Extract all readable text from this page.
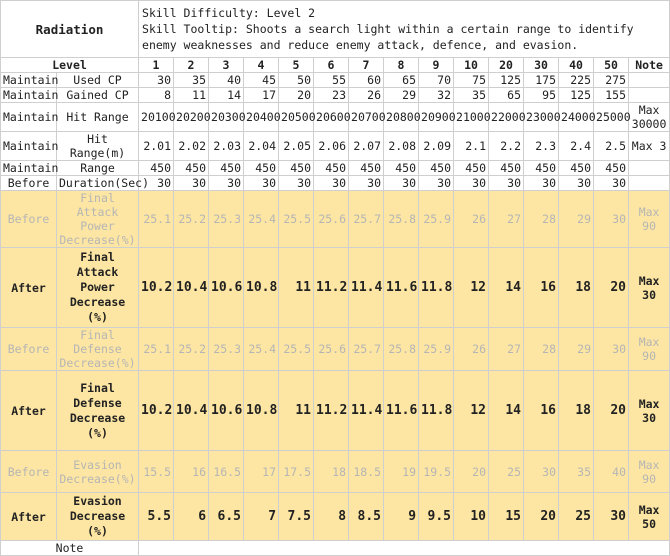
Radiation		Skill Difficulty: Level 2
Skill Tooltip: Shoots a search light within a certain range to identify enemy weaknesses and reduce enemy attack, defence, and evasion.														

Level		1	2	3	4	5	6	7	8	9	10	20	30	40	50	Note
Maintain	Used CP	30	35	40	45	50	55	60	65	70	75	125	175	225	275	
Maintain	Gained CP	8	11	14	17	20	23	26	29	32	35	65	95	125	155	
Maintain	Hit Range	20100	20200	20300	20400	20500	20600	20700	20800	20900	21000	22000	23000	24000	25000	Max 30000
Maintain	Hit Range(m)	2.01	2.02	2.03	2.04	2.05	2.06	2.07	2.08	2.09	2.1	2.2	2.3	2.4	2.5	Max 3
Maintain	Range	450	450	450	450	450	450	450	450	450	450	450	450	450	450	
Before	Duration(Sec)	30	30	30	30	30	30	30	30	30	30	30	30	30	30	
Before	Final Attack Power Decrease(%)	25.1	25.2	25.3	25.4	25.5	25.6	25.7	25.8	25.9	26	27	28	29	30	Max 90
After	Final Attack Power Decrease (%)	10.2	10.4	10.6	10.8	11	11.2	11.4	11.6	11.8	12	14	16	18	20	Max 30
Before	Final Defense Decrease(%)	25.1	25.2	25.3	25.4	25.5	25.6	25.7	25.8	25.9	26	27	28	29	30	Max 90
After	Final Defense Decrease (%)	10.2	10.4	10.6	10.8	11	11.2	11.4	11.6	11.8	12	14	16	18	20	Max 30
Before	Evasion Decrease(%)	15.5	16	16.5	17	17.5	18	18.5	19	19.5	20	25	30	35	40	Max 90
After	Evasion Decrease (%)	5.5	6	6.5	7	7.5	8	8.5	9	9.5	10	15	20	25	30	Max 50
Note																
